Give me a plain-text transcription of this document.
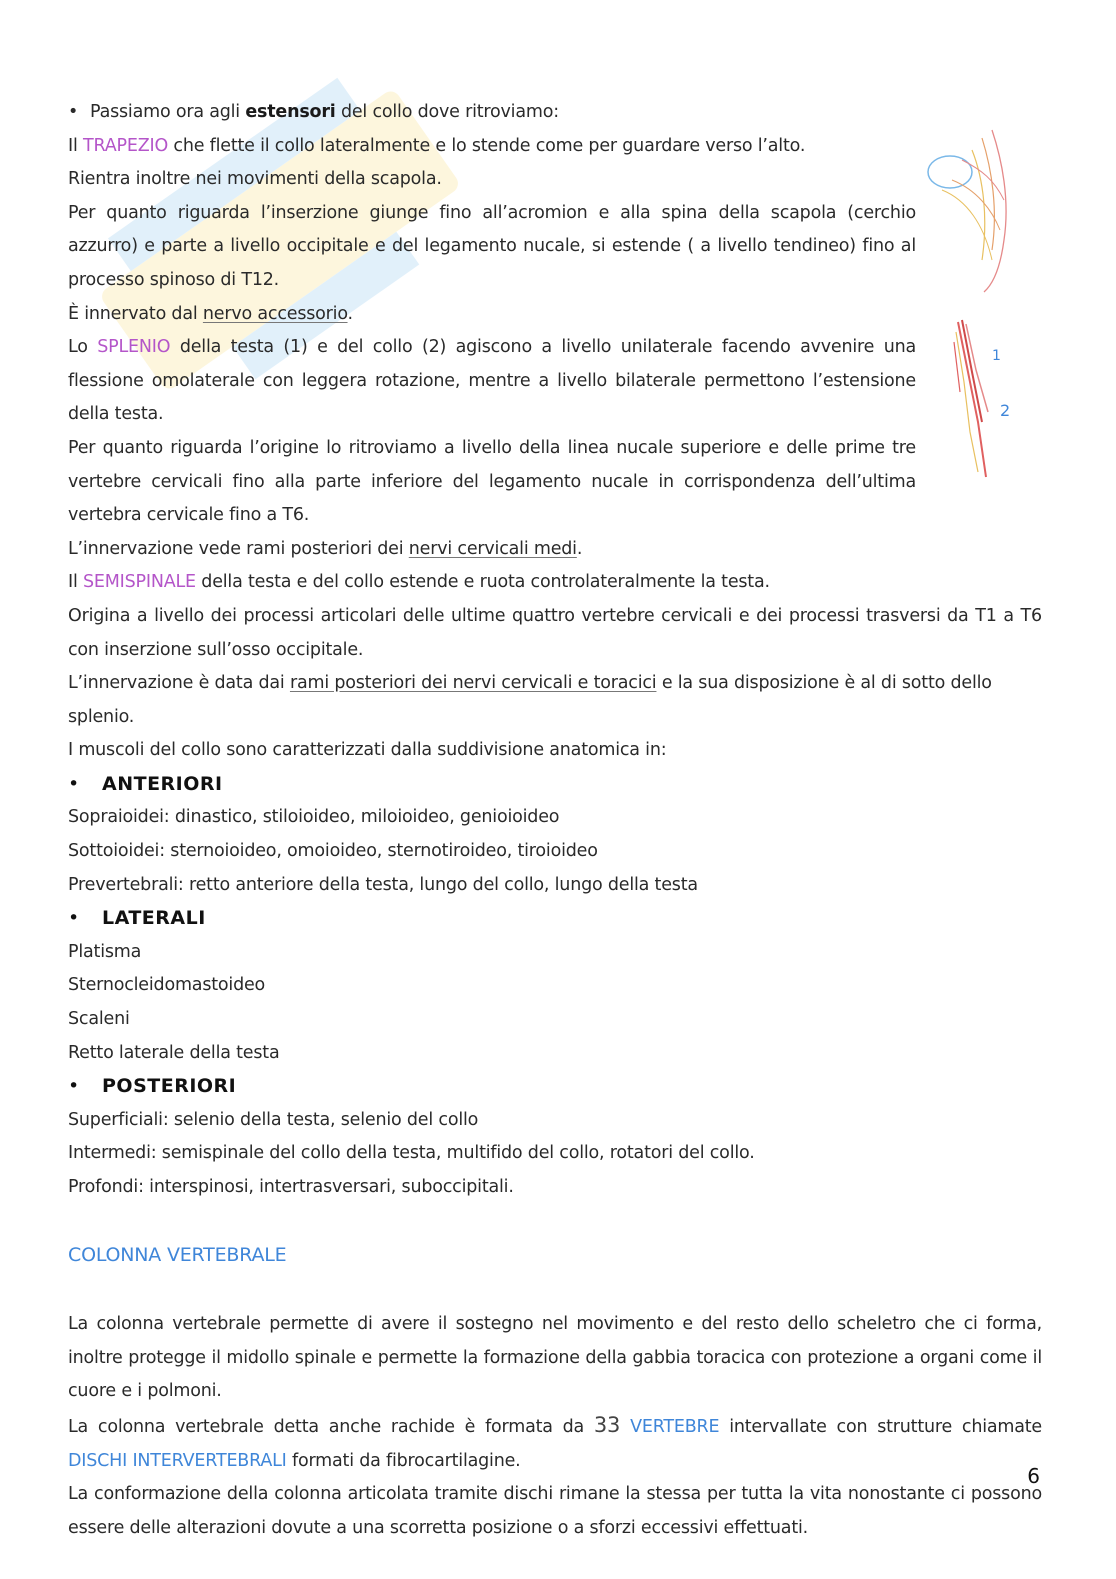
1
2

• Passiamo ora agli estensori del collo dove ritroviamo:

Il TRAPEZIO che flette il collo lateralmente e lo stende come per guardare verso l’alto.

Rientra inoltre nei movimenti della scapola.

Per quanto riguarda l’inserzione giunge fino all’acromion e alla spina della scapola (cerchio azzurro) e parte a livello occipitale e del legamento nucale, si estende ( a livello tendineo) fino al processo spinoso di T12.

È innervato dal nervo accessorio.

Lo SPLENIO della testa (1) e del collo (2) agiscono a livello unilaterale facendo avvenire una flessione omolaterale con leggera rotazione, mentre a livello bilaterale permettono l’estensione della testa.

Per quanto riguarda l’origine lo ritroviamo a livello della linea nucale superiore e delle prime tre vertebre cervicali fino alla parte inferiore del legamento nucale in corrispondenza dell’ultima vertebra cervicale fino a T6.

L’innervazione vede rami posteriori dei nervi cervicali medi.

Il SEMISPINALE della testa e del collo estende e ruota controlateralmente la testa.

Origina a livello dei processi articolari delle ultime quattro vertebre cervicali e dei processi trasversi da T1 a T6 con inserzione sull’osso occipitale.

L’innervazione è data dai rami posteriori dei nervi cervicali e toracici e la sua disposizione è al di sotto dello splenio.

I muscoli del collo sono caratterizzati dalla suddivisione anatomica in:

• ANTERIORI

Sopraioidei: dinastico, stiloioideo, miloioideo, genioioideo

Sottoioidei: sternoioideo, omoioideo, sternotiroideo, tiroioideo

Prevertebrali: retto anteriore della testa, lungo del collo, lungo della testa

• LATERALI

Platisma

Sternocleidomastoideo

Scaleni

Retto laterale della testa

• POSTERIORI

Superficiali: selenio della testa, selenio del collo

Intermedi: semispinale del collo della testa, multifido del collo, rotatori del collo.

Profondi: interspinosi, intertrasversari, suboccipitali.

COLONNA VERTEBRALE

La colonna vertebrale permette di avere il sostegno nel movimento e del resto dello scheletro che ci forma, inoltre protegge il midollo spinale e permette la formazione della gabbia toracica con protezione a organi come il cuore e i polmoni.

La colonna vertebrale detta anche rachide è formata da 33 VERTEBRE intervallate con strutture chiamate DISCHI INTERVERTEBRALI formati da fibrocartilagine.

La conformazione della colonna articolata tramite dischi rimane la stessa per tutta la vita nonostante ci possono essere delle alterazioni dovute a una scorretta posizione o a sforzi eccessivi effettuati.

6
